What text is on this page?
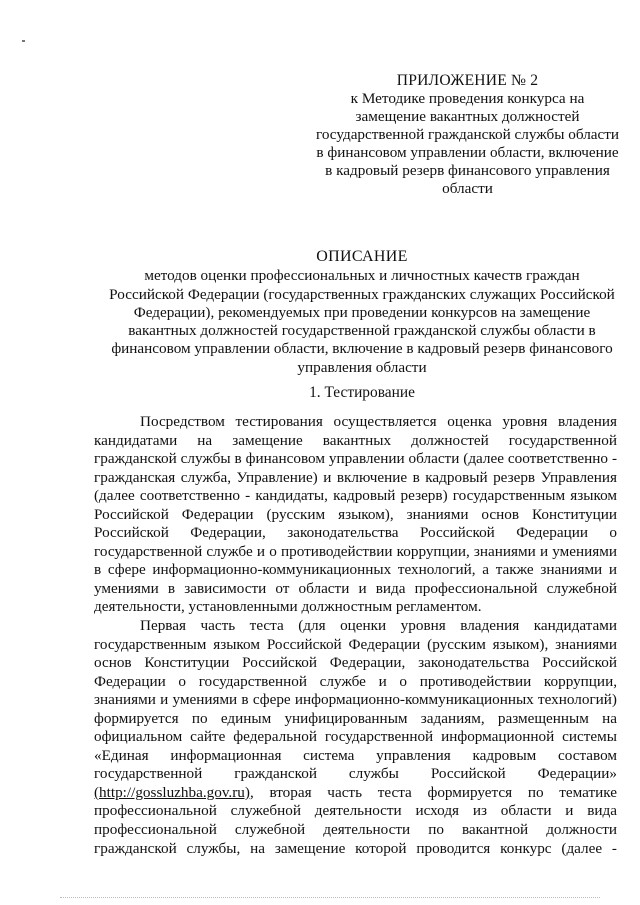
ПРИЛОЖЕНИЕ № 2
к Методике проведения конкурса на
замещение вакантных должностей
государственной гражданской службы области
в финансовом управлении области, включение
в кадровый резерв финансового управления
области
ОПИСАНИЕ
методов оценки профессиональных и личностных качеств граждан
Российской Федерации (государственных гражданских служащих Российской
Федерации), рекомендуемых при проведении конкурсов на замещение
вакантных должностей государственной гражданской службы области в
финансовом управлении области, включение в кадровый резерв финансового
управления области
1. Тестирование
Посредством тестирования осуществляется оценка уровня владения
кандидатами на замещение вакантных должностей государственной
гражданской службы в финансовом управлении области (далее соответственно -
гражданская служба, Управление) и включение в кадровый резерв Управления
(далее соответственно - кандидаты, кадровый резерв) государственным языком
Российской Федерации (русским языком), знаниями основ Конституции
Российской Федерации, законодательства Российской Федерации о
государственной службе и о противодействии коррупции, знаниями и умениями
в сфере информационно-коммуникационных технологий, а также знаниями и
умениями в зависимости от области и вида профессиональной служебной
деятельности, установленными должностным регламентом.
Первая часть теста (для оценки уровня владения кандидатами
государственным языком Российской Федерации (русским языком), знаниями
основ Конституции Российской Федерации, законодательства Российской
Федерации о государственной службе и о противодействии коррупции,
знаниями и умениями в сфере информационно-коммуникационных технологий)
формируется по единым унифицированным заданиям, размещенным на
официальном сайте федеральной государственной информационной системы
«Единая информационная система управления кадровым составом
государственной гражданской службы Российской Федерации»
(http://gossluzhba.gov.ru), вторая часть теста формируется по тематике
профессиональной служебной деятельности исходя из области и вида
профессиональной служебной деятельности по вакантной должности
гражданской службы, на замещение которой проводится конкурс (далее -
